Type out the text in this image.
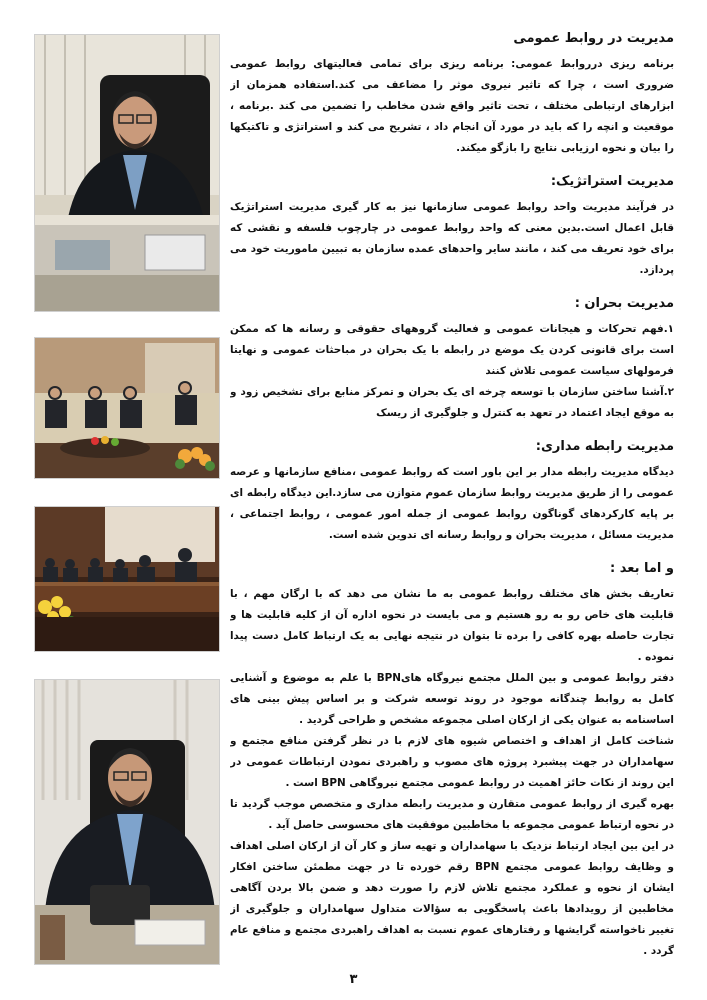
مدیریت در روابط عمومی

برنامه ریزی درروابط عمومی: برنامه ریزی برای تمامی فعالیتهای روابط عمومی ضروری است ، چرا که تاثیر نیروی موثر را مضاعف می کند.استفاده همزمان از ابزارهای ارتباطی مختلف ، تحت تاثیر واقع شدن مخاطب را تضمین می کند .برنامه ، موقعیت و انچه را که باید در مورد آن انجام داد ، تشریح می کند و استراتژی و تاکتیکها را بیان و نحوه ارزیابی نتایج را بازگو میکند.

مدیریت استراتژیک:

در فرآیند مدیریت واحد روابط عمومی سازمانها نیز به کار گیری مدیریت استراتژیک قابل اعمال است.بدین معنی که واحد روابط عمومی در چارچوب فلسفه و نقشی که برای خود تعریف می کند ، مانند سایر واحدهای عمده سازمان به تبیین ماموریت خود می پردازد.

مدیریت بحران :

۱.فهم تحرکات و هیجانات عمومی و فعالیت گروههای حقوقی و رسانه ها که ممکن است برای قانونی کردن یک موضع در رابطه با یک بحران در مباحثات عمومی و نهایتا فرمولهای سیاست عمومی تلاش کنند

۲.آشنا ساختن سازمان با توسعه چرخه ای یک بحران و تمرکز منابع برای تشخیص زود و به موقع ایجاد اعتماد در تعهد به کنترل و جلوگیری از ریسک

مدیریت رابطه مداری:

دیدگاه مدیریت رابطه مدار بر این باور است که روابط عمومی ،منافع سازمانها و عرصه عمومی را از طریق مدیریت روابط سازمان عموم متوازن می سازد.این دیدگاه رابطه ای بر پایه کارکردهای گوناگون روابط عمومی از جمله امور عمومی ، روابط اجتماعی ، مدیریت مسائل ، مدیریت بحران و روابط رسانه ای تدوین شده است.

و اما بعد :

تعاریف بخش های مختلف روابط عمومی به ما نشان می دهد که با ارگان مهم ، با قابلیت های خاص رو به رو هستیم و می بایست در نحوه اداره آن از کلیه قابلیت ها و تجارت حاصله بهره کافی را برده تا بتوان در نتیجه نهایی به یک ارتباط کامل دست پیدا نموده .

دفتر روابط عمومی و بین الملل مجتمع نیروگاه هایBPN با علم به موضوع و آشنایی کامل به روابط چندگانه موجود در روند توسعه شرکت و بر اساس پیش بینی های اساسنامه به عنوان یکی از ارکان اصلی مجموعه مشخص و طراحی گردید .

شناخت کامل از اهداف و اختصاص شیوه های لازم با در نظر گرفتن منافع مجتمع و سهامداران در جهت پیشبرد پروژه های مصوب و راهبردی نمودن ارتباطات عمومی در این روند از نکات حائز اهمیت در روابط عمومی مجتمع نیروگاهی BPN است .

بهره گیری از روابط عمومی متقارن و مدیریت رابطه مداری و متخصص موجب گردید تا در نحوه ارتباط عمومی مجموعه با مخاطبین موفقیت های محسوسی حاصل آید .

در این بین ایجاد ارتباط نزدیک با سهامداران و تهیه ساز و کار آن از ارکان اصلی اهداف و وظایف روابط عمومی مجتمع BPN رقم خورده تا در جهت مطمئن ساختن افکار ایشان از نحوه و عملکرد مجتمع تلاش لازم را صورت دهد و ضمن بالا بردن آگاهی مخاطبین از رویدادها باعث پاسخگویی به سؤالات متداول سهامداران و جلوگیری از تغییر ناخواسته گرایشها و رفتارهای عموم نسبت به اهداف راهبردی مجتمع و منافع عام گردد .

۳
